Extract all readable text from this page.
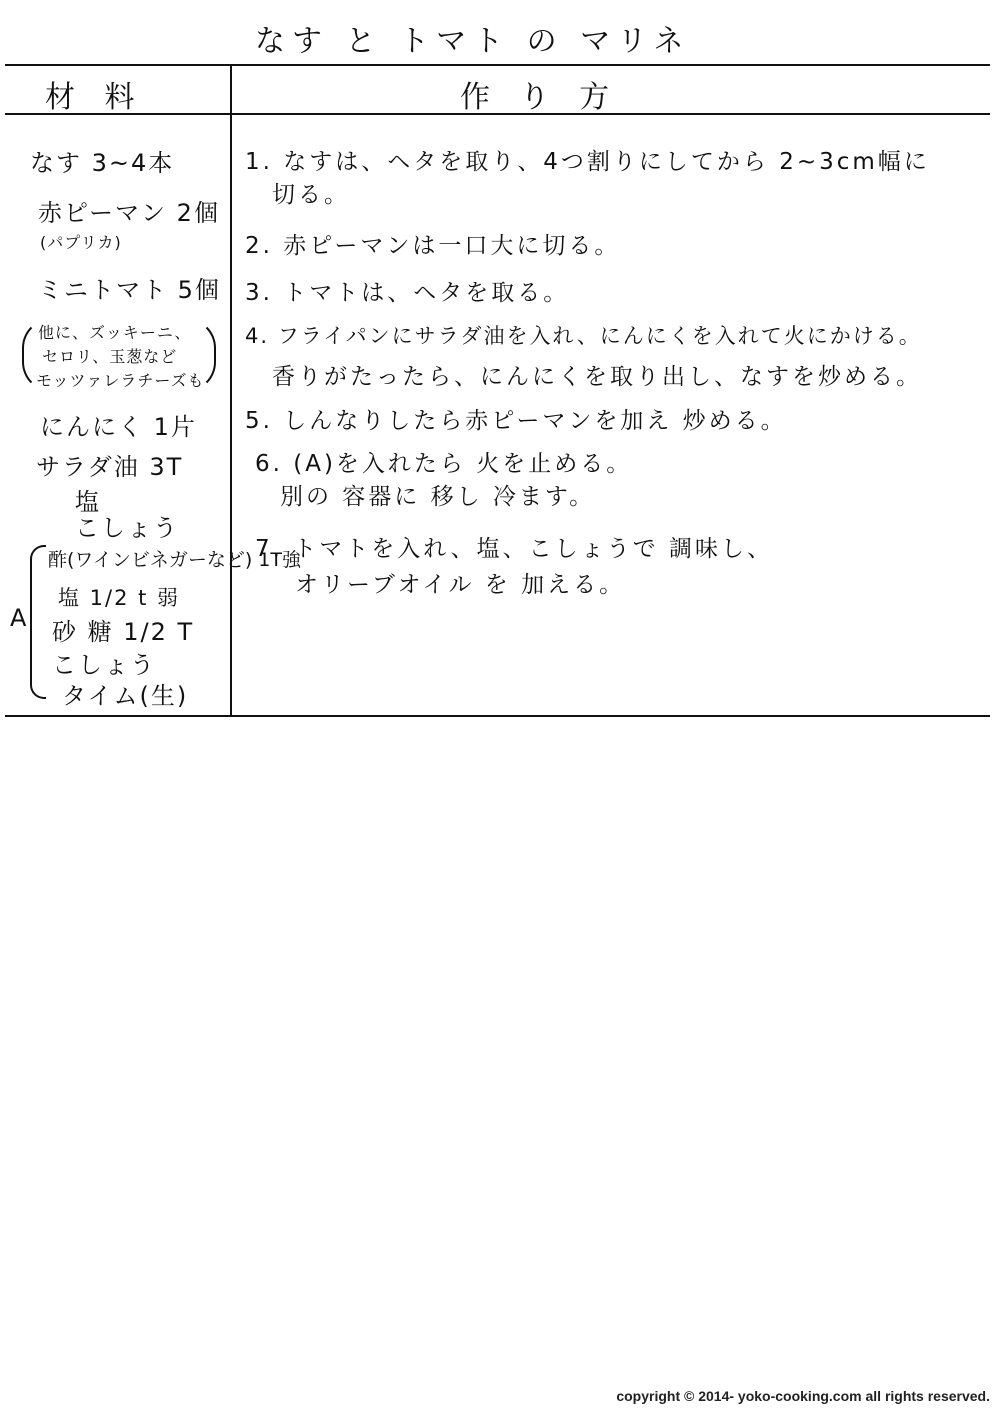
なす と トマト の マリネ
材 料	作 り 方
なす 3~4本
赤ピーマン 2個
(パプリカ)
ミニトマト 5個
他に、ズッキーニ、
セロリ、玉葱など
モッツァレラチーズも
にんにく 1片
サラダ油 3T
塩
こしょう
A
酢(ワインビネガーなど) 1T強
塩 1/2 t 弱
砂 糖 1/2 T
こしょう
タイム(生)
1. なすは、ヘタを取り、4つ割りにしてから 2~3cm幅に
切る。
2. 赤ピーマンは一口大に切る。
3. トマトは、ヘタを取る。
4. フライパンにサラダ油を入れ、にんにくを入れて火にかける。
香りがたったら、にんにくを取り出し、なすを炒める。
5. しんなりしたら赤ピーマンを加え 炒める。
6. (A)を入れたら 火を止める。
別の 容器に 移し 冷ます。
7. トマトを入れ、塩、こしょうで 調味し、
オリーブオイル を 加える。
copyright © 2014- yoko-cooking.com all rights reserved.
